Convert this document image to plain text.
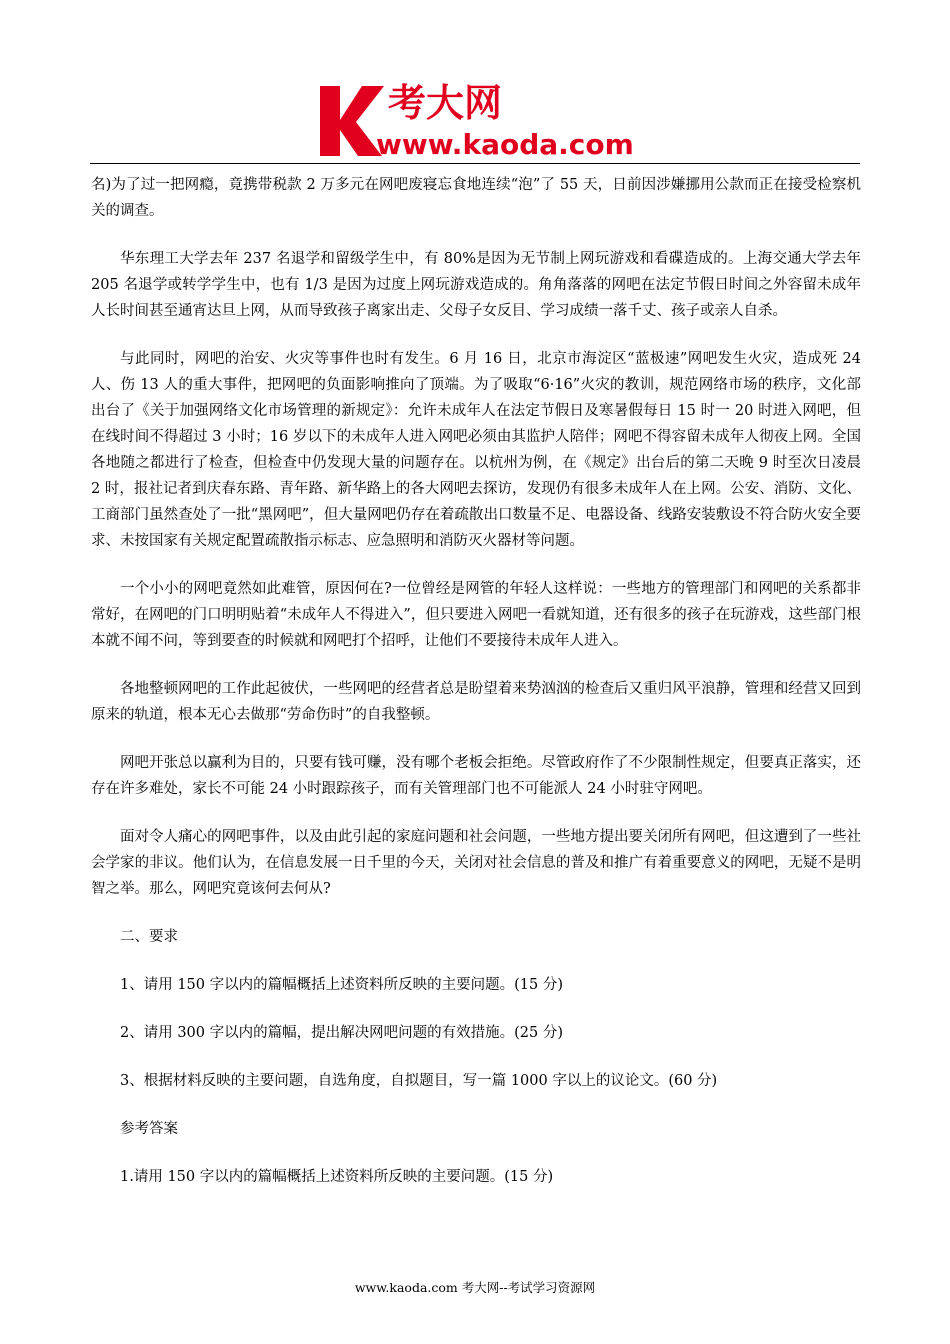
考大网
www.kaoda.com

名)为了过一把网瘾，竟携带税款 2 万多元在网吧废寝忘食地连续“泡”了 55 天，日前因涉嫌挪用公款而正在接受检察机关的调查。

华东理工大学去年 237 名退学和留级学生中，有 80%是因为无节制上网玩游戏和看碟造成的。上海交通大学去年 205 名退学或转学学生中，也有 1/3 是因为过度上网玩游戏造成的。角角落落的网吧在法定节假日时间之外容留未成年人长时间甚至通宵达旦上网，从而导致孩子离家出走、父母子女反目、学习成绩一落千丈、孩子或亲人自杀。

与此同时，网吧的治安、火灾等事件也时有发生。6 月 16 日，北京市海淀区“蓝极速”网吧发生火灾，造成死 24 人、伤 13 人的重大事件，把网吧的负面影响推向了顶端。为了吸取“6·16”火灾的教训，规范网络市场的秩序，文化部出台了《关于加强网络文化市场管理的新规定》：允许未成年人在法定节假日及寒暑假每日 15 时一 20 时进入网吧，但在线时间不得超过 3 小时；16 岁以下的未成年人进入网吧必须由其监护人陪伴；网吧不得容留未成年人彻夜上网。全国各地随之都进行了检查，但检查中仍发现大量的问题存在。以杭州为例，在《规定》出台后的第二天晚 9 时至次日凌晨 2 时，报社记者到庆春东路、青年路、新华路上的各大网吧去探访，发现仍有很多未成年人在上网。公安、消防、文化、工商部门虽然查处了一批“黑网吧”，但大量网吧仍存在着疏散出口数量不足、电器设备、线路安装敷设不符合防火安全要求、未按国家有关规定配置疏散指示标志、应急照明和消防灭火器材等问题。

一个小小的网吧竟然如此难管，原因何在?一位曾经是网管的年轻人这样说：一些地方的管理部门和网吧的关系都非常好，在网吧的门口明明贴着“未成年人不得进入”，但只要进入网吧一看就知道，还有很多的孩子在玩游戏，这些部门根本就不闻不问，等到要查的时候就和网吧打个招呼，让他们不要接待未成年人进入。

各地整顿网吧的工作此起彼伏，一些网吧的经营者总是盼望着来势汹汹的检查后又重归风平浪静，管理和经营又回到原来的轨道，根本无心去做那“劳命伤时”的自我整顿。

网吧开张总以赢利为目的，只要有钱可赚，没有哪个老板会拒绝。尽管政府作了不少限制性规定，但要真正落实，还存在许多难处，家长不可能 24 小时跟踪孩子，而有关管理部门也不可能派人 24 小时驻守网吧。

面对令人痛心的网吧事件，以及由此引起的家庭问题和社会问题，一些地方提出要关闭所有网吧，但这遭到了一些社会学家的非议。他们认为，在信息发展一日千里的今天，关闭对社会信息的普及和推广有着重要意义的网吧，无疑不是明智之举。那么，网吧究竟该何去何从?

二、要求

1、请用 150 字以内的篇幅概括上述资料所反映的主要问题。(15 分)

2、请用 300 字以内的篇幅，提出解决网吧问题的有效措施。(25 分)

3、根据材料反映的主要问题，自选角度，自拟题目，写一篇 1000 字以上的议论文。(60 分)

参考答案

1.请用 150 字以内的篇幅概括上述资料所反映的主要问题。(15 分)

www.kaoda.com 考大网--考试学习资源网
